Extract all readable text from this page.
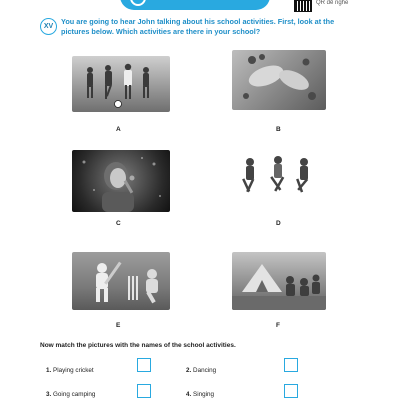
QR để nghe
XV
You are going to hear John talking about his school activities. First, look at the pictures below. Which activities are there in your school?
A	B
C	D
E	F
Now match the pictures with the names of the school activities.
1. Playing cricket	2. Dancing
3. Going camping	4. Singing
